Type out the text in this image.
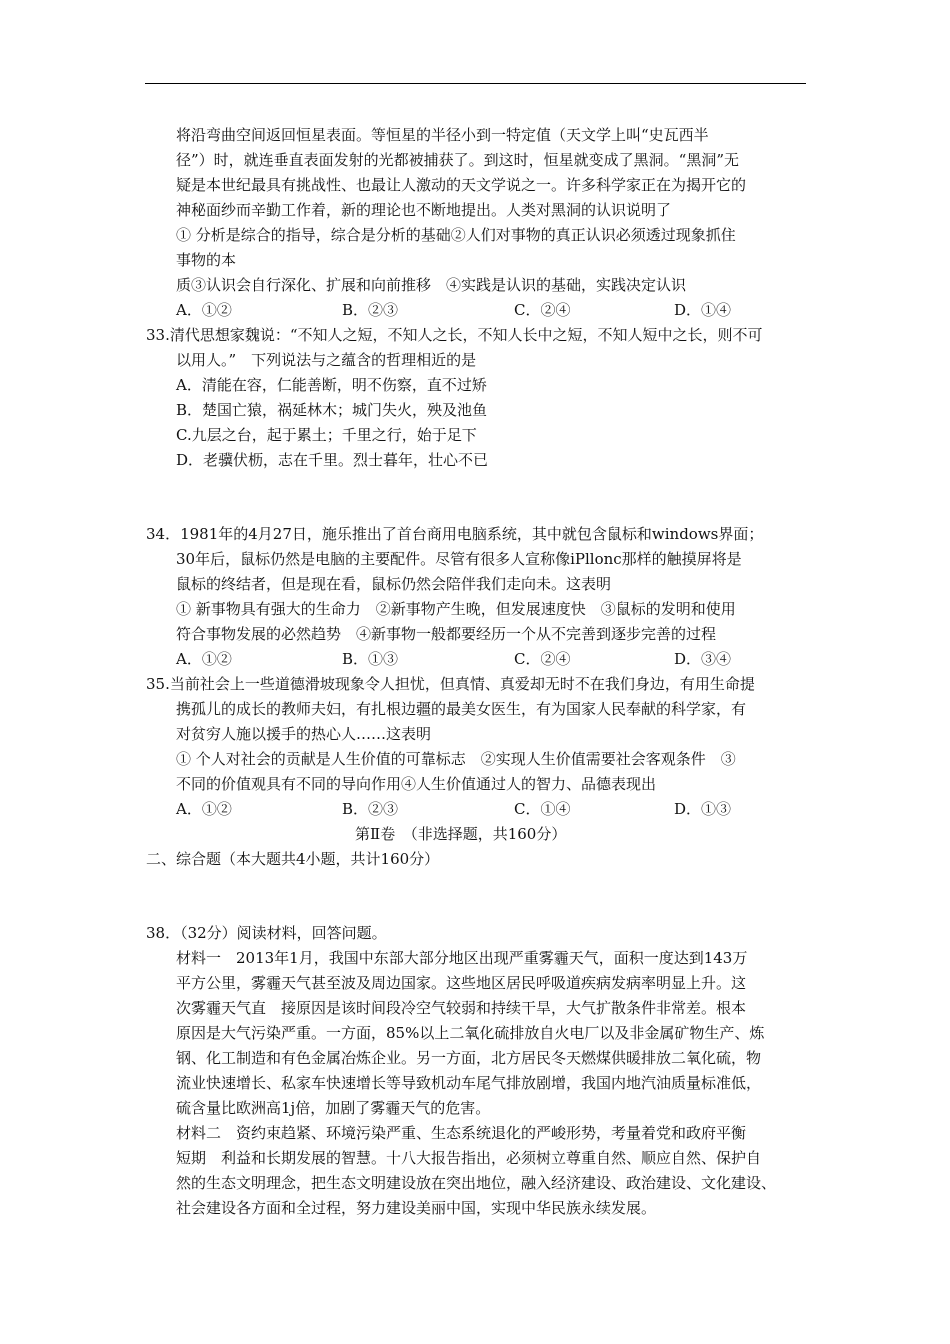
将沿弯曲空间返回恒星表面。等恒星的半径小到一特定值（天文学上叫“史瓦西半
径”）时，就连垂直表面发射的光都被捕获了。到这时，恒星就变成了黑洞。“黑洞”无
疑是本世纪最具有挑战性、也最让人激动的天文学说之一。许多科学家正在为揭开它的
神秘面纱而辛勤工作着，新的理论也不断地提出。人类对黑洞的认识说明了
① 分析是综合的指导，综合是分析的基础②人们对事物的真正认识必须透过现象抓住
事物的本
质③认识会自行深化、扩展和向前推移　④实践是认识的基础，实践决定认识
A．①②	B．②③	C．②④	D．①④
33.清代思想家魏说：“不知人之短，不知人之长，不知人长中之短，不知人短中之长，则不可
以用人。”　下列说法与之蕴含的哲理相近的是
A．清能在容，仁能善断，明不伤察，直不过矫
B．楚国亡猿，祸延林木；城门失火，殃及池鱼
C.九层之台，起于累土；千里之行，始于足下
D．老骥伏枥，志在千里。烈士暮年，壮心不已
34．1981年的4月27日，施乐推出了首台商用电脑系统，其中就包含鼠标和windows界面；
30年后，鼠标仍然是电脑的主要配件。尽管有很多人宣称像iPllonc那样的触摸屏将是
鼠标的终结者，但是现在看，鼠标仍然会陪伴我们走向未。这表明
① 新事物具有强大的生命力　②新事物产生晚，但发展速度快　③鼠标的发明和使用
符合事物发展的必然趋势　④新事物一般都要经历一个从不完善到逐步完善的过程
A．①②	B．①③	C．②④	D．③④
35.当前社会上一些道德滑坡现象令人担忧，但真情、真爱却无时不在我们身边，有用生命提
携孤儿的成长的教师夫妇，有扎根边疆的最美女医生，有为国家人民奉献的科学家，有
对贫穷人施以援手的热心人……这表明
① 个人对社会的贡献是人生价值的可靠标志　②实现人生价值需要社会客观条件　③
不同的价值观具有不同的导向作用④人生价值通过人的智力、品德表现出
A．①②	B．②③	C．①④	D．①③
第Ⅱ卷　（非选择题，共160分）
二、综合题（本大题共4小题，共计160分）
38．（32分）阅读材料，回答问题。
材料一　2013年1月，我国中东部大部分地区出现严重雾霾天气，面积一度达到143万
平方公里，雾霾天气甚至波及周边国家。这些地区居民呼吸道疾病发病率明显上升。这
次雾霾天气直　接原因是该时间段冷空气较弱和持续干旱，大气扩散条件非常差。根本
原因是大气污染严重。一方面，85%以上二氧化硫排放自火电厂以及非金属矿物生产、炼
钢、化工制造和有色金属冶炼企业。另一方面，北方居民冬天燃煤供暖排放二氧化硫，物
流业快速增长、私家车快速增长等导致机动车尾气排放剧增，我国内地汽油质量标准低，
硫含量比欧洲高1j倍，加剧了雾霾天气的危害。
材料二　资约束趋紧、环境污染严重、生态系统退化的严峻形势，考量着党和政府平衡
短期　利益和长期发展的智慧。十八大报告指出，必须树立尊重自然、顺应自然、保护自
然的生态文明理念，把生态文明建设放在突出地位，融入经济建设、政治建设、文化建设、
社会建设各方面和全过程，努力建设美丽中国，实现中华民族永续发展。
